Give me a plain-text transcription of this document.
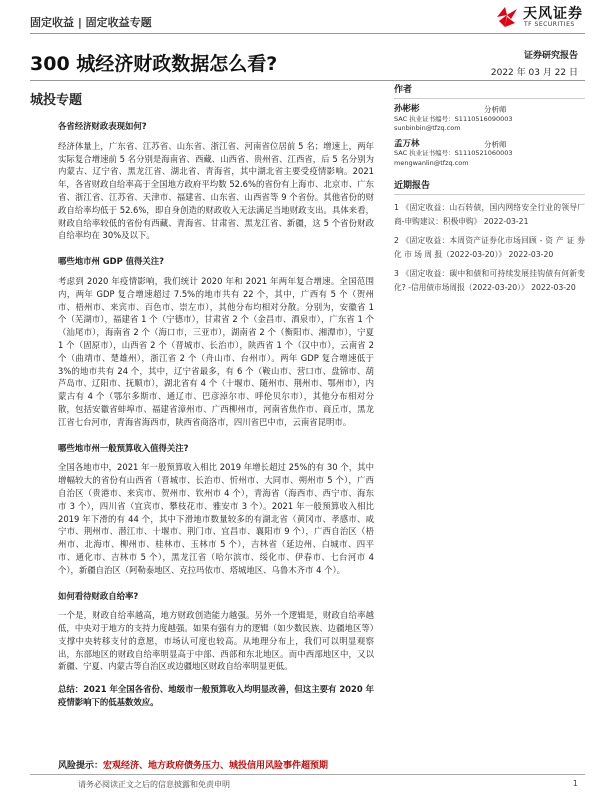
固定收益 | 固定收益专题
天风证券
TF SECURITIES
300 城经济财政数据怎么看?	证券研究报告
2022 年 03 月 22 日
城投专题
各省经济财政表现如何?

经济体量上，广东省、江苏省、山东省、浙江省、河南省位居前 5 名；增速上，两年实际复合增速前 5 名分别是海南省、西藏、山西省、贵州省、江西省，后 5 名分别为内蒙古、辽宁省、黑龙江省、湖北省、青海省，其中湖北省主要受疫情影响。2021 年，各省财政自给率高于全国地方政府平均数 52.6%的省份有上海市、北京市、广东省、浙江省、江苏省、天津市、福建省、山东省、山西省等 9 个省份。其他省份的财政自给率均低于 52.6%，即自身创造的财政收入无法满足当地财政支出。具体来看，财政自给率较低的省份有西藏、青海省、甘肃省、黑龙江省、新疆，这 5 个省份财政自给率均在 30%及以下。

哪些地市州 GDP 值得关注?

考虑到 2020 年疫情影响，我们统计 2020 年和 2021 年两年复合增速。全国范围内，两年 GDP 复合增速超过 7.5%的地市共有 22 个，其中，广西有 5 个（贺州市、梧州市、来宾市、百色市、崇左市），其他分布均相对分散。分别为，安徽省 1 个（芜湖市），福建省 1 个（宁德市），甘肃省 2 个（金昌市、酒泉市），广东省 1 个（汕尾市），海南省 2 个（海口市，三亚市），湖南省 2 个（衡阳市、湘潭市），宁夏 1 个（固原市），山西省 2 个（晋城市、长治市），陕西省 1 个（汉中市），云南省 2 个（曲靖市、楚雄州），浙江省 2 个（舟山市、台州市）。两年 GDP 复合增速低于 3%的地市共有 24 个，其中，辽宁省最多，有 6 个（鞍山市、营口市、盘锦市、葫芦岛市、辽阳市、抚顺市），湖北省有 4 个（十堰市、随州市、荆州市、鄂州市），内蒙古有 4 个（鄂尔多斯市、通辽市、巴彦淖尔市、呼伦贝尔市），其他分布相对分散，包括安徽省蚌埠市、福建省漳州市、广西柳州市，河南省焦作市、商丘市，黑龙江省七台河市，青海省海西市，陕西省商洛市，四川省巴中市，云南省昆明市。

哪些地市州一般预算收入值得关注?

全国各地市中，2021 年一般预算收入相比 2019 年增长超过 25%的有 30 个，其中增幅较大的省份有山西省（晋城市、长治市、忻州市、大同市、朔州市 5 个），广西自治区（贵港市、来宾市、贺州市、钦州市 4 个），青海省（海西市、西宁市、海东市 3 个），四川省（宜宾市、攀枝花市、雅安市 3 个）。2021 年一般预算收入相比 2019 年下滑的有 44 个，其中下滑地市数量较多的有湖北省（黄冈市、孝感市、咸宁市、荆州市、潜江市、十堰市、荆门市、宜昌市、襄阳市 9 个），广西自治区（梧州市、北海市、柳州市、桂林市、玉林市 5 个），吉林省（延边州、白城市、四平市、通化市、吉林市 5 个），黑龙江省（哈尔滨市、绥化市、伊春市、七台河市 4 个），新疆自治区（阿勒泰地区、克拉玛依市、塔城地区、乌鲁木齐市 4 个）。

如何看待财政自给率?

一个是，财政自给率越高，地方财政创造能力越强。另外一个逻辑是，财政自给率越低，中央对于地方的支持力度越强。如果有强有力的逻辑（如少数民族、边疆地区等）支撑中央转移支付的意愿，市场认可度也较高。从地理分布上，我们可以明显观察出，东部地区的财政自给率明显高于中部、西部和东北地区。而中西部地区中，又以新疆、宁夏、内蒙古等自治区或边疆地区财政自给率明显更低。

总结：2021 年全国各省份、地级市一般预算收入均明显改善，但这主要有 2020 年疫情影响下的低基数效应。

作者
孙彬彬	分析师
SAC 执业证书编号：S1110516090003
sunbinbin@tfzq.com
孟万林	分析师
SAC 执业证书编号：S1110521060003
mengwanlin@tfzq.com
近期报告
1 《固定收益：山石转债，国内网络安全行业的领导厂商-申购建议：积极申购》 2022-03-21
2 《固定收益：本周资产证券化市场回顾 - 资 产 证 券 化 市 场 周 报（2022-03-20）》 2022-03-20
3 《固定收益：碳中和债和可持续发展挂钩债有何新变化? -信用债市场周报（2022-03-20）》 2022-03-20
风险提示：宏观经济、地方政府债务压力、城投信用风险事件超预期
请务必阅读正文之后的信息披露和免责申明	1
